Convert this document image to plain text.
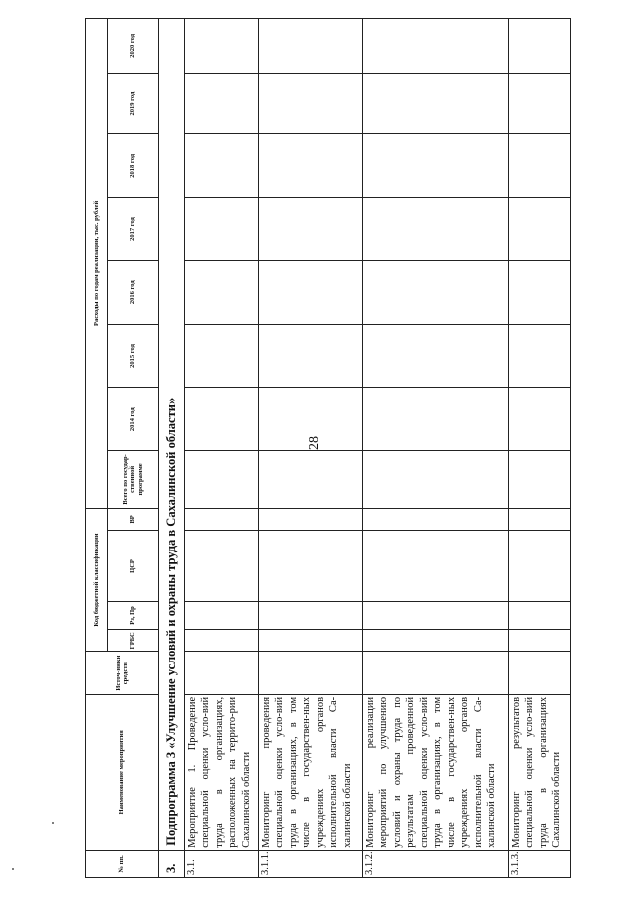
28
№ пп.	Наименование мероприятия	Источ-ники средств	Код бюджетной классификации				Расходы по годам реализации, тыс. рублей							
			ГРБС	Рз, Пр	ЦСР	ВР	Всего по государ-ственной программе	2014 год	2015 год	2016 год	2017 год	2018 год	2019 год	2020 год
3.	Подпрограмма 3 «Улучшение условий и охраны труда в Сахалинской области»													
3.1.	Мероприятие 1. Проведение специальной оценки усло-вий труда в организациях, расположенных на террито-рии Сахалинской области													
3.1.1.	Мониторинг проведения специальной оценки усло-вий труда в организациях, в том числе в государствен-ных учреждениях органов исполнительной власти Са-халинской области													
3.1.2.	Мониторинг реализации мероприятий по улучшению условий и охраны труда по результатам проведенной специальной оценки усло-вий труда в организациях, в том числе в государствен-ных учреждениях органов исполнительной власти Са-халинской области													
3.1.3.	Мониторинг результатов специальной оценки усло-вий труда в организациях Сахалинской области													
